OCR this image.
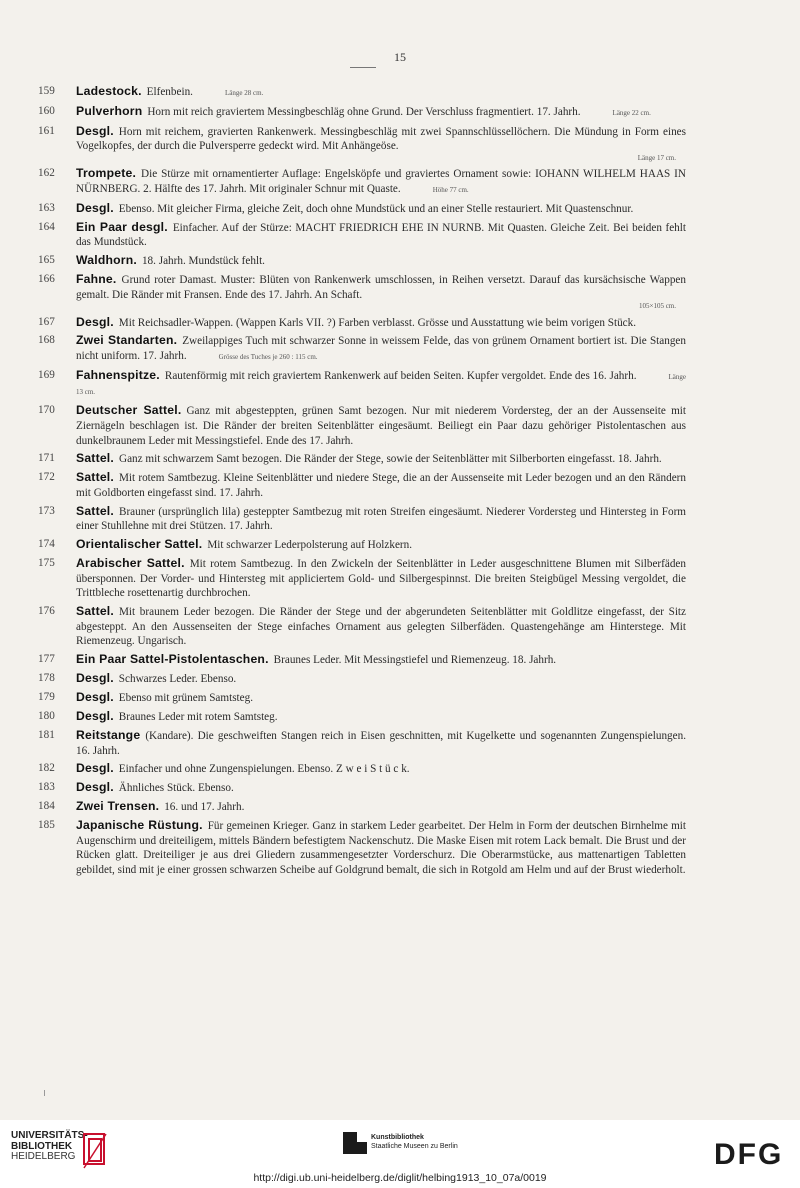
15
159	Ladestock. Elfenbein.	Länge 28 cm.
160	Pulverhorn Horn mit reich graviertem Messingbeschläg ohne Grund. Der Verschluss fragmentiert. 17. Jahrh.	Länge 22 cm.
161	Desgl. Horn mit reichem, gravierten Rankenwerk. Messingbeschläg mit zwei Spannschlüssellöchern. Die Mündung in Form eines Vogelkopfes, der durch die Pulversperre gedeckt wird. Mit Anhängeöse.
Länge 17 cm.
162	Trompete. Die Stürze mit ornamentierter Auflage: Engelsköpfe und graviertes Ornament sowie: IOHANN WILHELM HAAS IN NÜRNBERG. 2. Hälfte des 17. Jahrh. Mit originaler Schnur mit Quaste.	Höhe 77 cm.
163	Desgl. Ebenso. Mit gleicher Firma, gleiche Zeit, doch ohne Mundstück und an einer Stelle restauriert. Mit Quastenschnur.
164	Ein Paar desgl. Einfacher. Auf der Stürze: MACHT FRIEDRICH EHE IN NURNB. Mit Quasten. Gleiche Zeit. Bei beiden fehlt das Mundstück.
165	Waldhorn. 18. Jahrh. Mundstück fehlt.
166	Fahne. Grund roter Damast. Muster: Blüten von Rankenwerk umschlossen, in Reihen versetzt. Darauf das kursächsische Wappen gemalt. Die Ränder mit Fransen. Ende des 17. Jahrh. An Schaft.
105×105 cm.
167	Desgl. Mit Reichsadler-Wappen. (Wappen Karls VII. ?) Farben verblasst. Grösse und Ausstattung wie beim vorigen Stück.
168	Zwei Standarten. Zweilappiges Tuch mit schwarzer Sonne in weissem Felde, das von grünem Ornament bortiert ist. Die Stangen nicht uniform. 17. Jahrh.	Grösse des Tuches je 260 : 115 cm.
169	Fahnenspitze. Rautenförmig mit reich graviertem Rankenwerk auf beiden Seiten. Kupfer vergoldet. Ende des 16. Jahrh.	Länge 13 cm.
170	Deutscher Sattel. Ganz mit abgesteppten, grünen Samt bezogen. Nur mit niederem Vordersteg, der an der Aussenseite mit Ziernägeln beschlagen ist. Die Ränder der breiten Seitenblätter eingesäumt. Beiliegt ein Paar dazu gehöriger Pistolentaschen aus dunkelbraunem Leder mit Messingstiefel. Ende des 17. Jahrh.
171	Sattel. Ganz mit schwarzem Samt bezogen. Die Ränder der Stege, sowie der Seitenblätter mit Silberborten eingefasst. 18. Jahrh.
172	Sattel. Mit rotem Samtbezug. Kleine Seitenblätter und niedere Stege, die an der Aussenseite mit Leder bezogen und an den Rändern mit Goldborten eingefasst sind. 17. Jahrh.
173	Sattel. Brauner (ursprünglich lila) gesteppter Samtbezug mit roten Streifen eingesäumt. Niederer Vordersteg und Hintersteg in Form einer Stuhllehne mit drei Stützen. 17. Jahrh.
174	Orientalischer Sattel. Mit schwarzer Lederpolsterung auf Holzkern.
175	Arabischer Sattel. Mit rotem Samtbezug. In den Zwickeln der Seitenblätter in Leder ausgeschnittene Blumen mit Silberfäden übersponnen. Der Vorder- und Hintersteg mit appliciertem Gold- und Silbergespinnst. Die breiten Steigbügel Messing vergoldet, die Trittbleche rosettenartig durchbrochen.
176	Sattel. Mit braunem Leder bezogen. Die Ränder der Stege und der abgerundeten Seitenblätter mit Goldlitze eingefasst, der Sitz abgesteppt. An den Aussenseiten der Stege einfaches Ornament aus gelegten Silberfäden. Quastengehänge am Hinterstege. Mit Riemenzeug. Ungarisch.
177	Ein Paar Sattel-Pistolentaschen. Braunes Leder. Mit Messingstiefel und Riemenzeug. 18. Jahrh.
178	Desgl. Schwarzes Leder. Ebenso.
179	Desgl. Ebenso mit grünem Samtsteg.
180	Desgl. Braunes Leder mit rotem Samtsteg.
181	Reitstange (Kandare). Die geschweiften Stangen reich in Eisen geschnitten, mit Kugelkette und sogenannten Zungenspielungen. 16. Jahrh.
182	Desgl. Einfacher und ohne Zungenspielungen. Ebenso. Z w e i S t ü c k.
183	Desgl. Ähnliches Stück. Ebenso.
184	Zwei Trensen. 16. und 17. Jahrh.
185	Japanische Rüstung. Für gemeinen Krieger. Ganz in starkem Leder gearbeitet. Der Helm in Form der deutschen Birnhelme mit Augenschirm und dreiteiligem, mittels Bändern befestigtem Nackenschutz. Die Maske Eisen mit rotem Lack bemalt. Die Brust und der Rücken glatt. Dreiteiliger je aus drei Gliedern zusammengesetzter Vorderschurz. Die Oberarmstücke, aus mattenartigen Tabletten gebildet, sind mit je einer grossen schwarzen Scheibe auf Goldgrund bemalt, die sich in Rotgold am Helm und auf der Brust wiederholt.
UNIVERSITÄTS-
BIBLIOTHEK
HEIDELBERG
Kunstbibliothek
Staatliche Museen zu Berlin	DFG
http://digi.ub.uni-heidelberg.de/diglit/helbing1913_10_07a/0019
